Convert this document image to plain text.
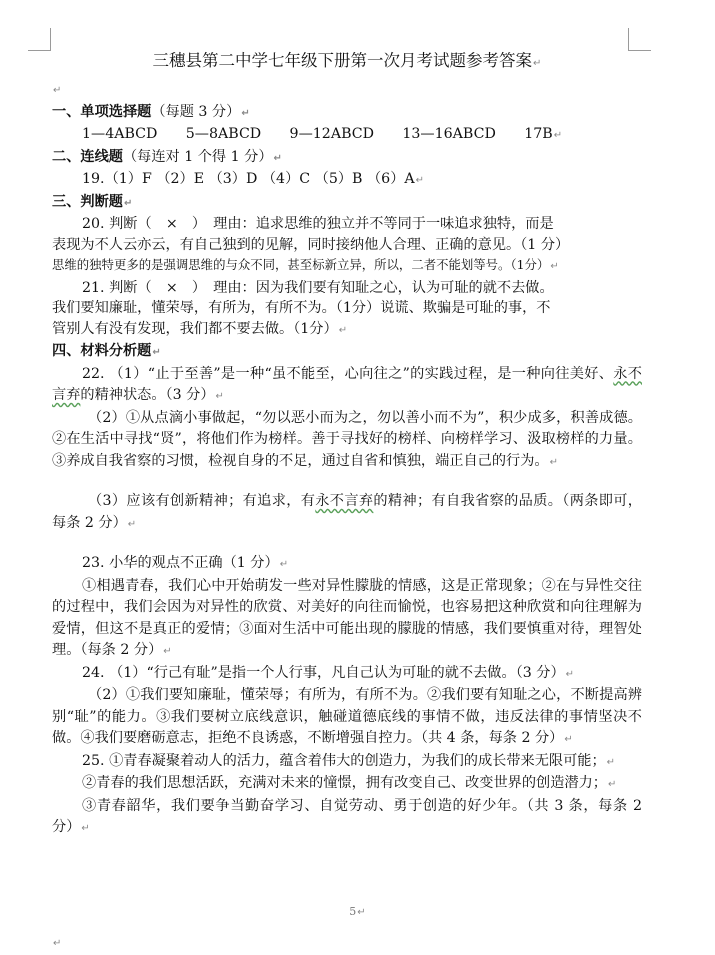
三穗县第二中学七年级下册第一次月考试题参考答案↵

↵

一、单项选择题（每题 3 分）↵

1—4ABCD　　5—8ABCD　　9—12ABCD　　13—16ABCD　　17B↵

二、连线题（每连对 1 个得 1 分）↵

19.（1）F （2）E （3）D （4）C （5）B （6）A↵

三、判断题↵

20. 判断（　×　）　理由：追求思维的独立并不等同于一味追求独特，而是

表现为不人云亦云，有自己独到的见解，同时接纳他人合理、正确的意见。（1 分）

思维的独特更多的是强调思维的与众不同，甚至标新立异，所以，二者不能划等号。（1分）↵

21. 判断（　×　）　理由：因为我们要有知耻之心，认为可耻的就不去做。

我们要知廉耻，懂荣辱，有所为，有所不为。（1分）说谎、欺骗是可耻的事，不

管别人有没有发现，我们都不要去做。（1分）↵

四、材料分析题↵

22. （1）“止于至善”是一种“虽不能至，心向往之”的实践过程，是一种向往美好、永不言弃的精神状态。（3 分）↵

（2）①从点滴小事做起，“勿以恶小而为之，勿以善小而不为”，积少成多，积善成德。②在生活中寻找“贤”，将他们作为榜样。善于寻找好的榜样、向榜样学习、汲取榜样的力量。③养成自我省察的习惯，检视自身的不足，通过自省和慎独，端正自己的行为。↵

（3）应该有创新精神；有追求，有永不言弃的精神；有自我省察的品质。（两条即可，每条 2 分）↵

23. 小华的观点不正确（1 分）↵

①相遇青春，我们心中开始萌发一些对异性朦胧的情感，这是正常现象；②在与异性交往的过程中，我们会因为对异性的欣赏、对美好的向往而愉悦，也容易把这种欣赏和向往理解为爱情，但这不是真正的爱情；③面对生活中可能出现的朦胧的情感，我们要慎重对待，理智处理。（每条 2 分）↵

24. （1）“行己有耻”是指一个人行事，凡自己认为可耻的就不去做。（3 分）↵

（2）①我们要知廉耻，懂荣辱；有所为，有所不为。②我们要有知耻之心，不断提高辨别“耻”的能力。③我们要树立底线意识，触碰道德底线的事情不做，违反法律的事情坚决不做。④我们要磨砺意志，拒绝不良诱惑，不断增强自控力。（共 4 条，每条 2 分）↵

25. ①青春凝聚着动人的活力，蕴含着伟大的创造力，为我们的成长带来无限可能；↵

②青春的我们思想活跃，充满对未来的憧憬，拥有改变自己、改变世界的创造潜力；↵

③青春韶华，我们要争当勤奋学习、自觉劳动、勇于创造的好少年。（共 3 条，每条 2 分）↵

5↵
↵
